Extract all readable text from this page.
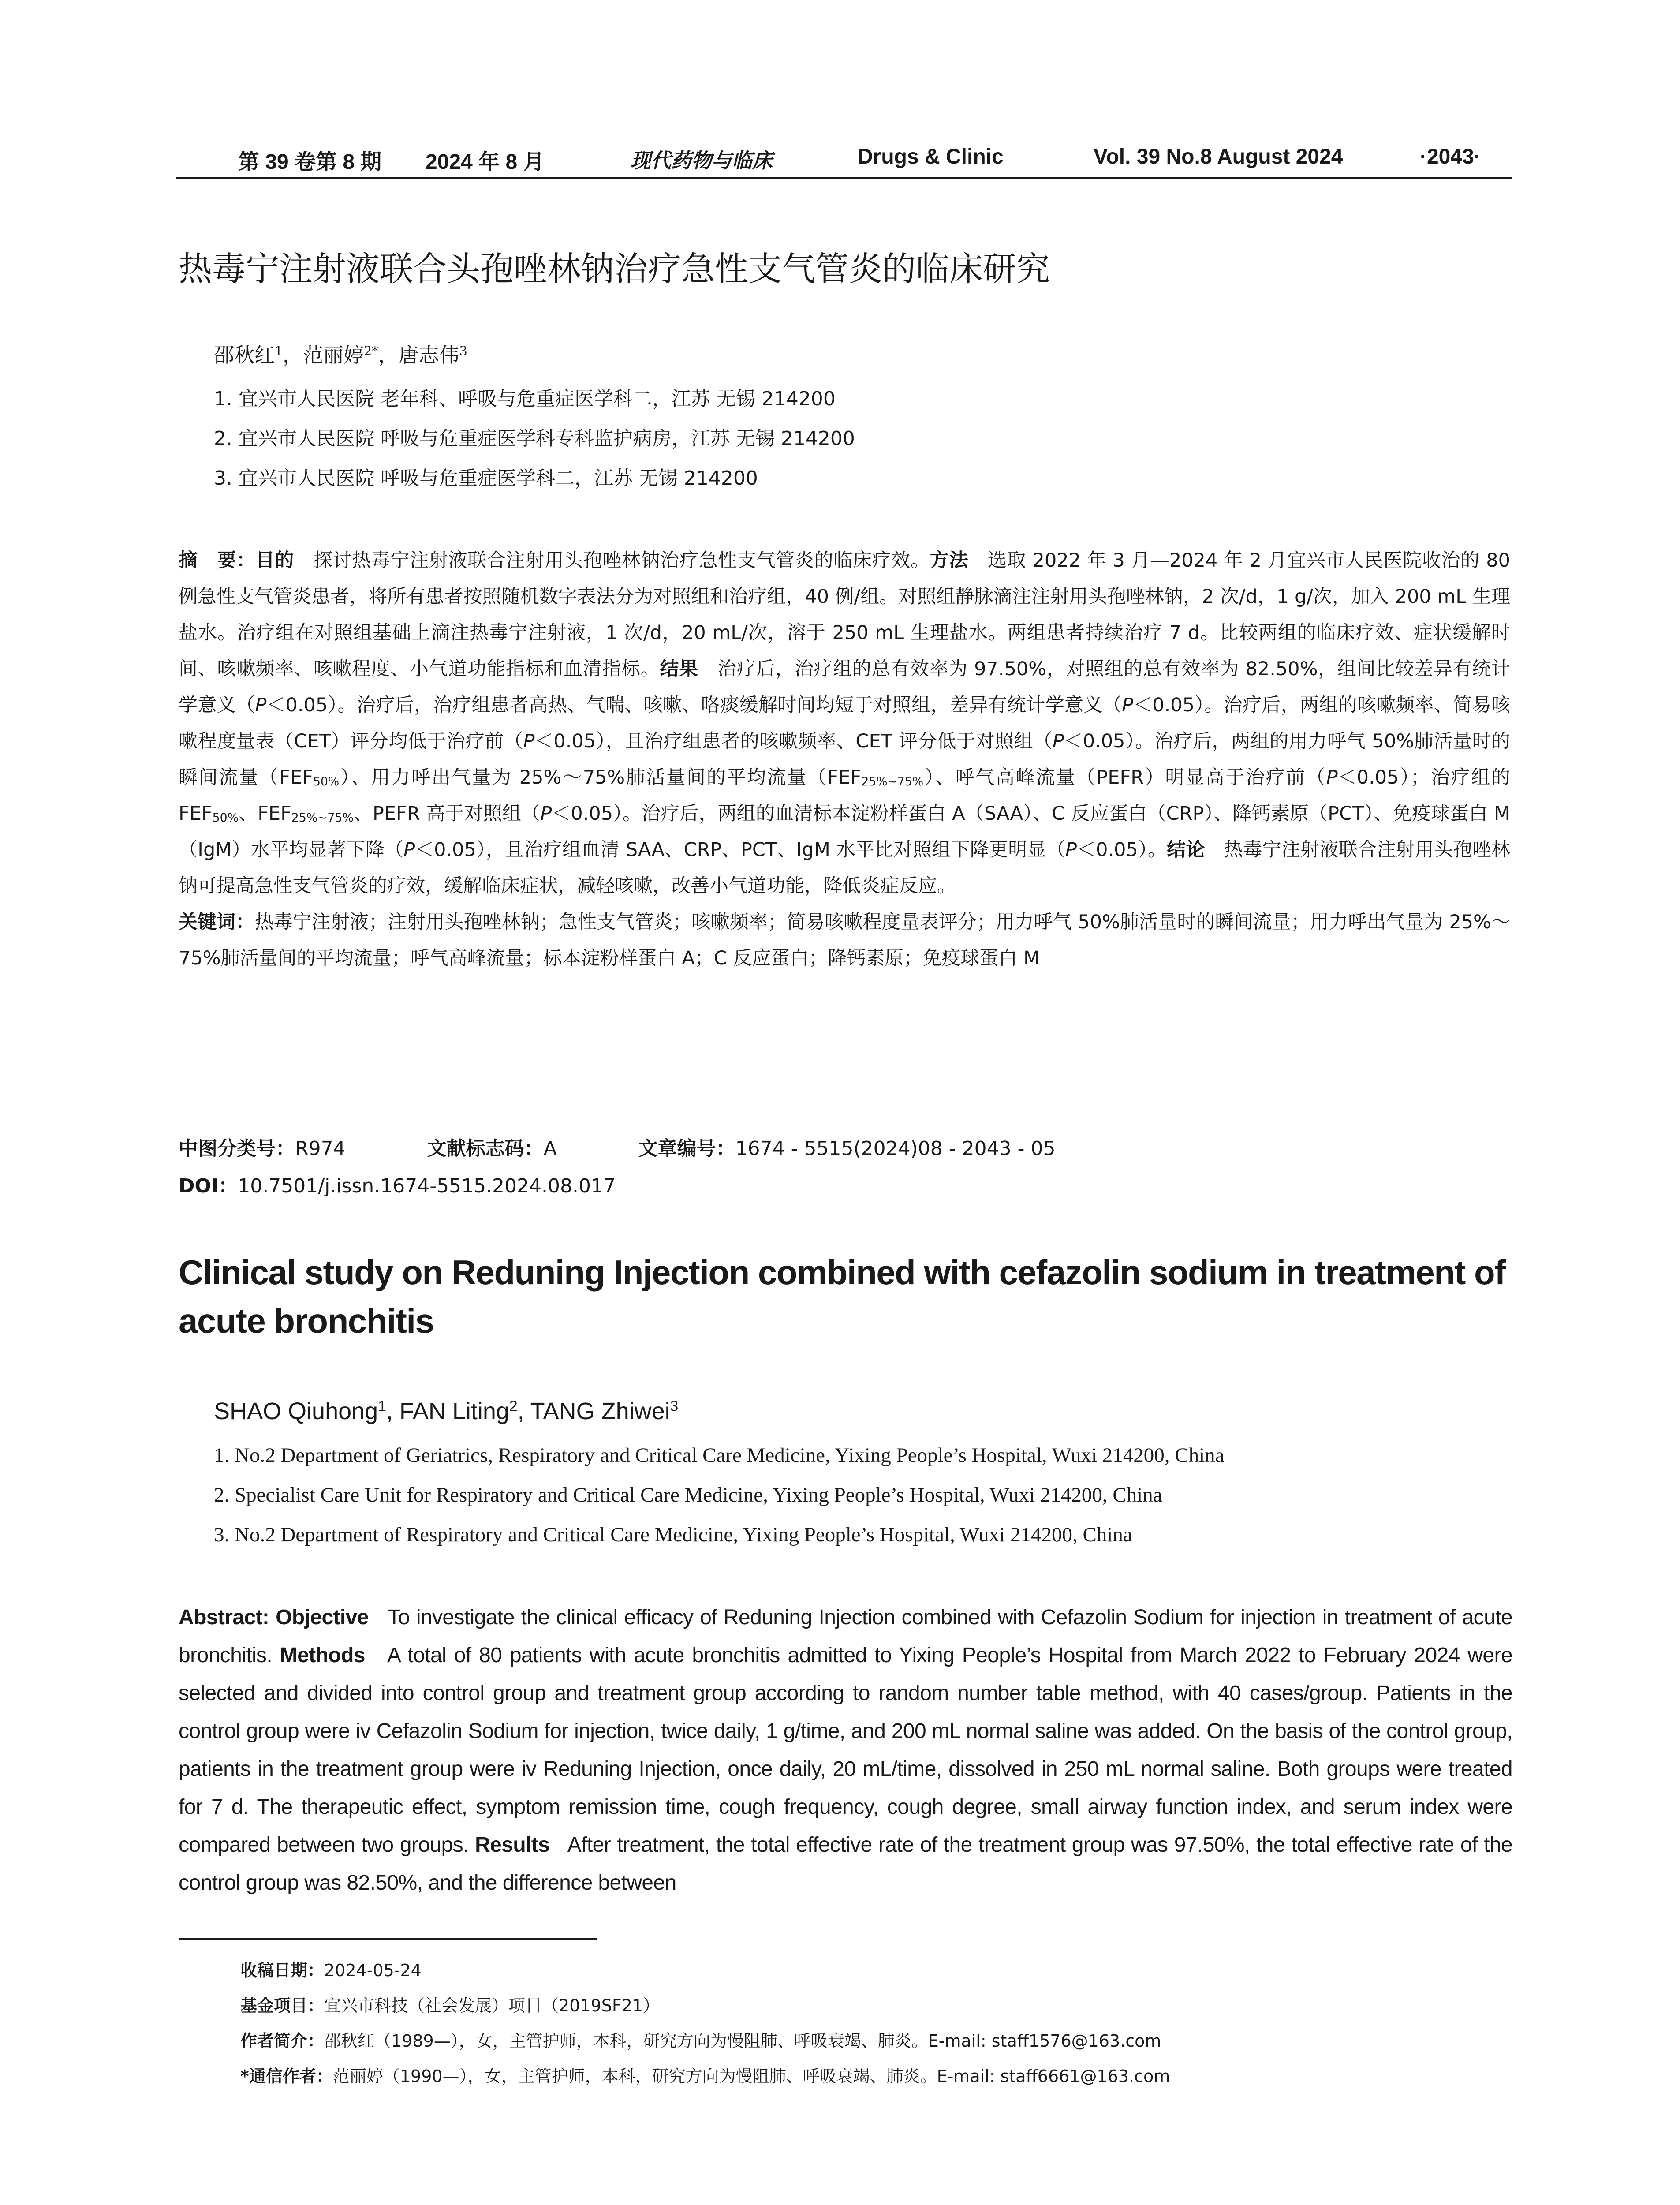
第 39 卷第 8 期 2024 年 8 月	现代药物与临床	Drugs & Clinic	Vol. 39 No.8 August 2024	·2043·
热毒宁注射液联合头孢唑林钠治疗急性支气管炎的临床研究
邵秋红$^1$，范丽婷$^{2*}$，唐志伟$^3$
1. 宜兴市人民医院 老年科、呼吸与危重症医学科二，江苏 无锡 214200
2. 宜兴市人民医院 呼吸与危重症医学科专科监护病房，江苏 无锡 214200
3. 宜兴市人民医院 呼吸与危重症医学科二，江苏 无锡 214200
摘　要：目的　 探讨热毒宁注射液联合注射用头孢唑林钠治疗急性支气管炎的临床疗效。方法　 选取 2022 年 3 月—2024 年 2 月宜兴市人民医院收治的 80 例急性支气管炎患者，将所有患者按照随机数字表法分为对照组和治疗组，40 例/组。对照组静脉滴注注射用头孢唑林钠，2 次/d，1 g/次，加入 200 mL 生理盐水。治疗组在对照组基础上滴注热毒宁注射液，1 次/d，20 mL/次，溶于 250 mL 生理盐水。两组患者持续治疗 7 d。比较两组的临床疗效、症状缓解时间、咳嗽频率、咳嗽程度、小气道功能指标和血清指标。结果　 治疗后，治疗组的总有效率为 97.50%，对照组的总有效率为 82.50%，组间比较差异有统计学意义（P＜0.05）。治疗后，治疗组患者高热、气喘、咳嗽、咯痰缓解时间均短于对照组，差异有统计学意义（P＜0.05）。治疗后，两组的咳嗽频率、简易咳嗽程度量表（CET）评分均低于治疗前（P＜0.05），且治疗组患者的咳嗽频率、CET 评分低于对照组（P＜0.05）。治疗后，两组的用力呼气 50%肺活量时的瞬间流量$(FEF_{50\%})$、用力呼出气量为 25%～75%肺活量间的平均流量$(FEF_{25\%\sim 75\%})$、呼气高峰流量（PEFR）明显高于治疗前（P＜0.05）；治疗组的 $FEF_{50\%}$、$FEF_{25\%\sim 75\%}$、PEFR 高于对照组（P＜0.05）。治疗后，两组的血清标本淀粉样蛋白 A（SAA）、C 反应蛋白（CRP）、降钙素原（PCT）、免疫球蛋白 M（IgM）水平均显著下降（P＜0.05），且治疗组血清 SAA、CRP、PCT、IgM 水平比对照组下降更明显（P＜0.05）。结论　 热毒宁注射液联合注射用头孢唑林钠可提高急性支气管炎的疗效，缓解临床症状，减轻咳嗽，改善小气道功能，降低炎症反应。
关键词：热毒宁注射液；注射用头孢唑林钠；急性支气管炎；咳嗽频率；简易咳嗽程度量表评分；用力呼气 50%肺活量时的瞬间流量；用力呼出气量为 25%～75%肺活量间的平均流量；呼气高峰流量；标本淀粉样蛋白 A；C 反应蛋白；降钙素原；免疫球蛋白 M
中图分类号：R974	文献标志码：A	文章编号：1674 - 5515(2024)08 - 2043 - 05
DOI：10.7501/j.issn.1674-5515.2024.08.017
Clinical study on Reduning Injection combined with cefazolin sodium in treatment of acute bronchitis
SHAO Qiuhong$^1$, FAN Liting$^2$, TANG Zhiwei$^3$
1. No.2 Department of Geriatrics, Respiratory and Critical Care Medicine, Yixing People’s Hospital, Wuxi 214200, China
2. Specialist Care Unit for Respiratory and Critical Care Medicine, Yixing People’s Hospital, Wuxi 214200, China
3. No.2 Department of Respiratory and Critical Care Medicine, Yixing People’s Hospital, Wuxi 214200, China
Abstract: Objective To investigate the clinical efficacy of Reduning Injection combined with Cefazolin Sodium for injection in treatment of acute bronchitis. Methods A total of 80 patients with acute bronchitis admitted to Yixing People’s Hospital from March 2022 to February 2024 were selected and divided into control group and treatment group according to random number table method, with 40 cases/group. Patients in the control group were iv Cefazolin Sodium for injection, twice daily, 1 g/time, and 200 mL normal saline was added. On the basis of the control group, patients in the treatment group were iv Reduning Injection, once daily, 20 mL/time, dissolved in 250 mL normal saline. Both groups were treated for 7 d. The therapeutic effect, symptom remission time, cough frequency, cough degree, small airway function index, and serum index were compared between two groups. Results After treatment, the total effective rate of the treatment group was 97.50%, the total effective rate of the control group was 82.50%, and the difference between
收稿日期：2024-05-24
基金项目：宜兴市科技（社会发展）项目（2019SF21）
作者简介：邵秋红（1989—），女，主管护师，本科，研究方向为慢阻肺、呼吸衰竭、肺炎。E-mail: staff1576@163.com
*通信作者：范丽婷（1990—），女，主管护师，本科，研究方向为慢阻肺、呼吸衰竭、肺炎。E-mail: staff6661@163.com
